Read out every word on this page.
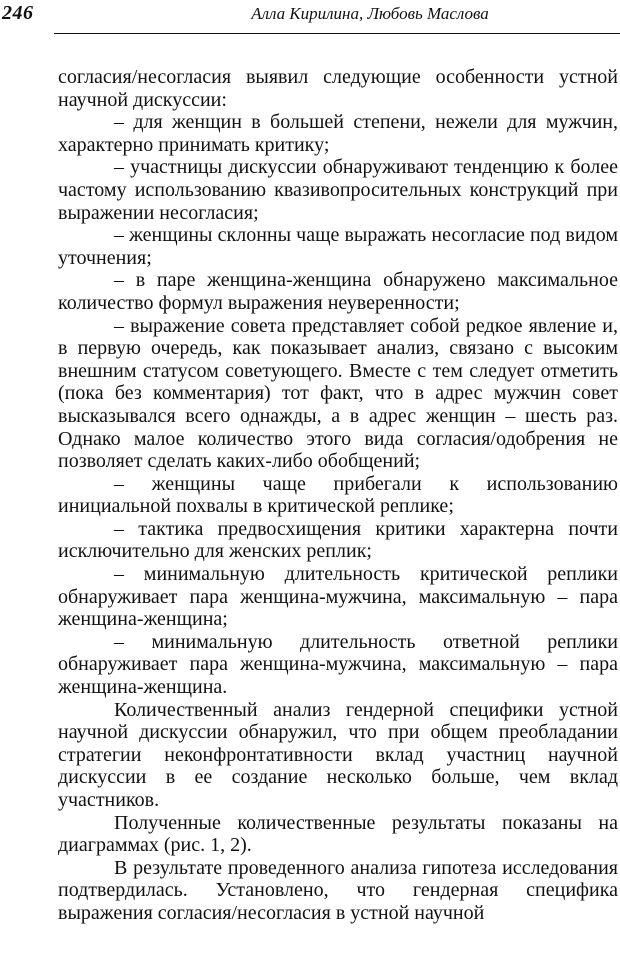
246	Алла Кирилина, Любовь Маслова

согласия/несогласия выявил следующие особенности устной научной дискуссии:

– для женщин в большей степени, нежели для мужчин, характерно принимать критику;

– участницы дискуссии обнаруживают тенденцию к более частому использованию квазивопросительных конструкций при выражении несогласия;

– женщины склонны чаще выражать несогласие под видом уточнения;

– в паре женщина-женщина обнаружено максимальное количество формул выражения неуверенности;

– выражение совета представляет собой редкое явление и, в первую очередь, как показывает анализ, связано с высоким внешним статусом советующего. Вместе с тем следует отметить (пока без комментария) тот факт, что в адрес мужчин совет высказывался всего однажды, а в адрес женщин – шесть раз. Однако малое количество этого вида согласия/одобрения не позволяет сделать каких-либо обобщений;

– женщины чаще прибегали к использованию инициальной похвалы в критической реплике;

– тактика предвосхищения критики характерна почти исключительно для женских реплик;

– минимальную длительность критической реплики обнаруживает пара женщина-мужчина, максимальную – пара женщина-женщина;

– минимальную длительность ответной реплики обнаруживает пара женщина-мужчина, максимальную – пара женщина-женщина.

Количественный анализ гендерной специфики устной научной дискуссии обнаружил, что при общем преобладании стратегии неконфронтативности вклад участниц научной дискуссии в ее создание несколько больше, чем вклад участников.

Полученные количественные результаты показаны на диаграммах (рис. 1, 2).

В результате проведенного анализа гипотеза исследования подтвердилась. Установлено, что гендерная специфика выражения согласия/несогласия в устной научной
